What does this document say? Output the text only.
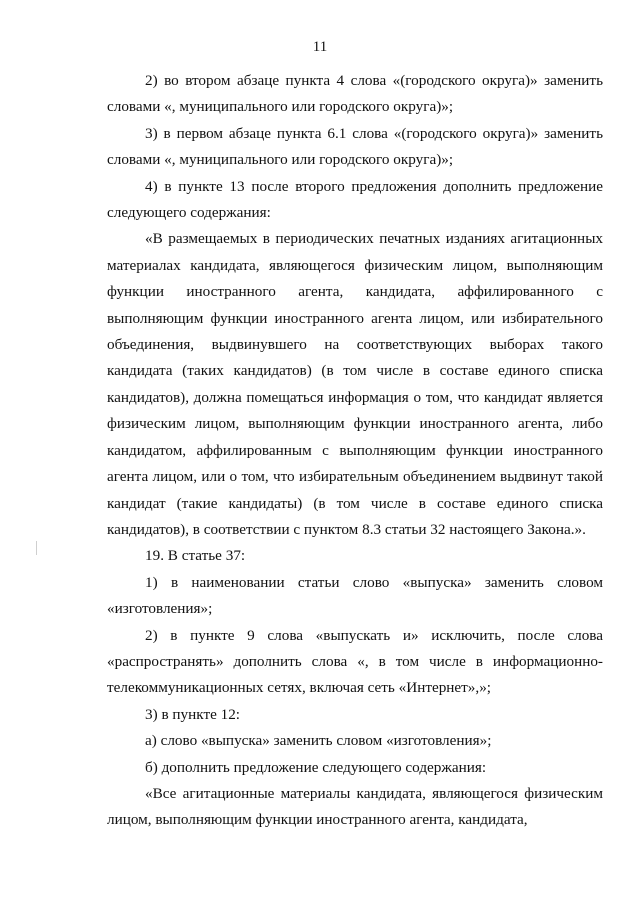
11

2) во втором абзаце пункта 4 слова «(городского округа)» заменить словами «, муниципального или городского округа)»;

3) в первом абзаце пункта 6.1 слова «(городского округа)» заменить словами «, муниципального или городского округа)»;

4) в пункте 13 после второго предложения дополнить предложение следующего содержания:

«В размещаемых в периодических печатных изданиях агитационных материалах кандидата, являющегося физическим лицом, выполняющим функции иностранного агента, кандидата, аффилированного с выполняющим функции иностранного агента лицом, или избирательного объединения, выдвинувшего на соответствующих выборах такого кандидата (таких кандидатов) (в том числе в составе единого списка кандидатов), должна помещаться информация о том, что кандидат является физическим лицом, выполняющим функции иностранного агента, либо кандидатом, аффилированным с выполняющим функции иностранного агента лицом, или о том, что избирательным объединением выдвинут такой кандидат (такие кандидаты) (в том числе в составе единого списка кандидатов), в соответствии с пунктом 8.3 статьи 32 настоящего Закона.».

19. В статье 37:

1) в наименовании статьи слово «выпуска» заменить словом «изготовления»;

2) в пункте 9 слова «выпускать и» исключить, после слова «распространять» дополнить слова «, в том числе в информационно-телекоммуникационных сетях, включая сеть «Интернет»,»;

3) в пункте 12:

а) слово «выпуска» заменить словом «изготовления»;

б) дополнить предложение следующего содержания:

«Все агитационные материалы кандидата, являющегося физическим лицом, выполняющим функции иностранного агента, кандидата,
